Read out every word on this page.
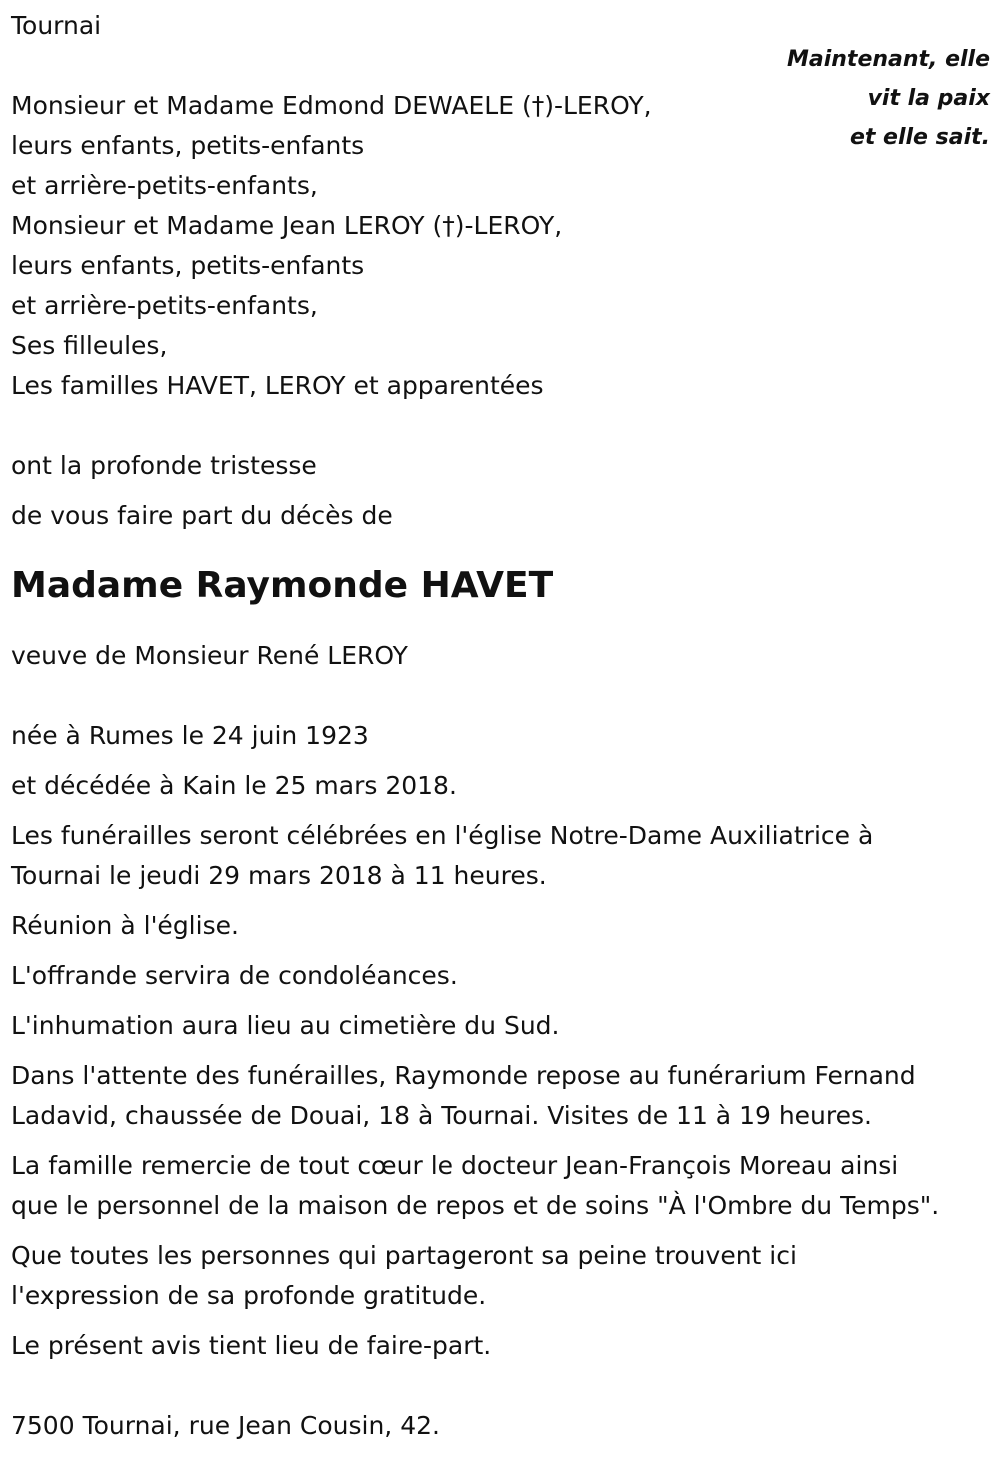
Maintenant, elle
vit la paix
et elle sait.
Tournai
Monsieur et Madame Edmond DEWAELE (†)-LEROY,
leurs enfants, petits-enfants
et arrière-petits-enfants,
Monsieur et Madame Jean LEROY (†)-LEROY,
leurs enfants, petits-enfants
et arrière-petits-enfants,
Ses filleules,
Les familles HAVET, LEROY et apparentées
ont la profonde tristesse
de vous faire part du décès de
Madame Raymonde HAVET
veuve de Monsieur René LEROY
née à Rumes le 24 juin 1923
et décédée à Kain le 25 mars 2018.
Les funérailles seront célébrées en l'église Notre-Dame Auxiliatrice à
Tournai le jeudi 29 mars 2018 à 11 heures.
Réunion à l'église.
L'offrande servira de condoléances.
L'inhumation aura lieu au cimetière du Sud.
Dans l'attente des funérailles, Raymonde repose au funérarium Fernand
Ladavid, chaussée de Douai, 18 à Tournai. Visites de 11 à 19 heures.
La famille remercie de tout cœur le docteur Jean-François Moreau ainsi
que le personnel de la maison de repos et de soins "À l'Ombre du Temps".
Que toutes les personnes qui partageront sa peine trouvent ici
l'expression de sa profonde gratitude.
Le présent avis tient lieu de faire-part.
7500 Tournai, rue Jean Cousin, 42.
